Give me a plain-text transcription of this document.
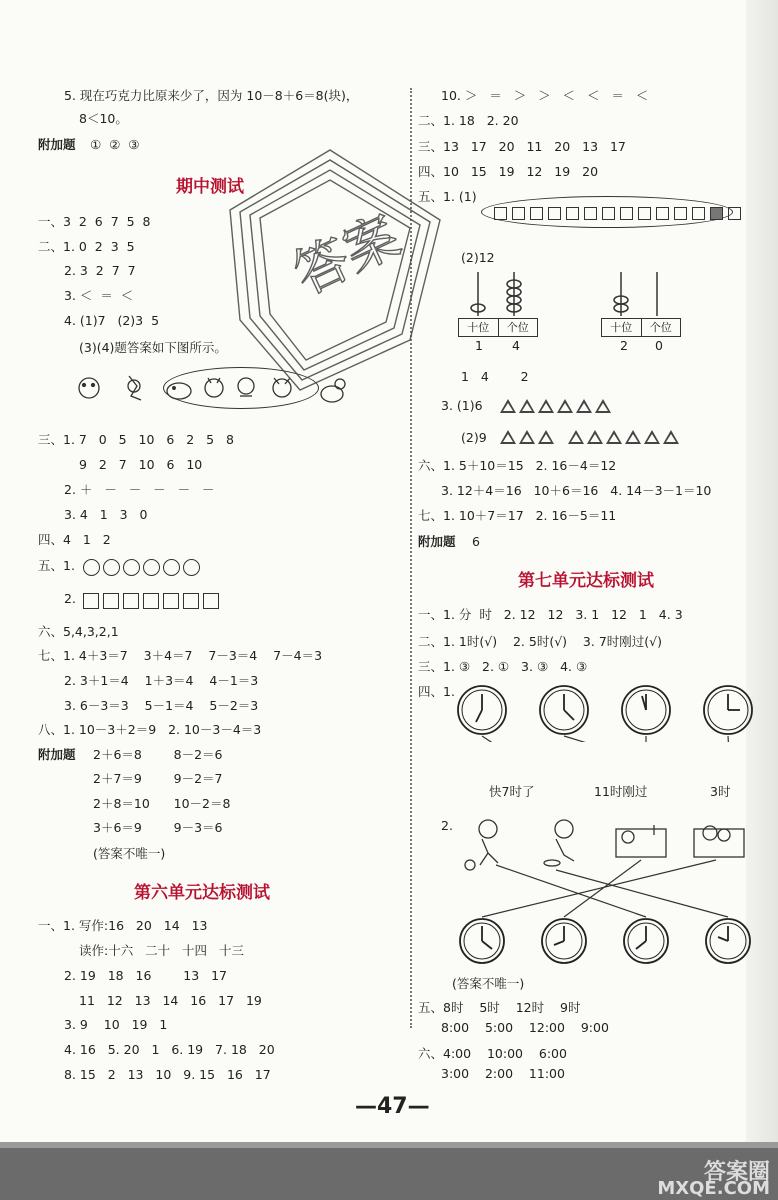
5. 现在巧克力比原来少了，因为 10－8＋6＝8(块)，
8＜10。
附加题 ①  ②  ③
期中测试
一、3  2  6  7  5  8
二、1. 0  2  3  5
2. 3  2  7  7
3. ＜  ＝  ＜
4. (1)7   (2)3  5
(3)(4)题答案如下图所示。
三、1. 7   0   5   10   6   2   5   8
9   2   7   10   6   10
2. ＋   －   －   －   －   －
3. 4   1   3   0
四、4   1   2
五、1.
2.
六、5,4,3,2,1
七、1. 4＋3＝7    3＋4＝7    7－3＝4    7－4＝3
2. 3＋1＝4    1＋3＝4    4－1＝3
3. 6－3＝3    5－1＝4    5－2＝3
八、1. 10－3＋2＝9   2. 10－3－4＝3
附加题 2＋6＝8        8－2＝6
2＋7＝9        9－2＝7
2＋8＝10      10－2＝8
3＋6＝9        9－3＝6
(答案不唯一)
第六单元达标测试
一、1. 写作:16   20   14   13
读作:十六   二十   十四   十三
2. 19   18   16        13   17
11   12   13   14   16   17   19
3. 9    10   19   1
4. 16   5. 20   1   6. 19   7. 18   20
8. 15   2   13   10   9. 15   16   17
答案
10. ＞   ＝   ＞   ＞   ＜   ＜   ＝   ＜
二、1. 18   2. 20
三、13   17   20   11   20   13   17
四、10   15   19   12   19   20
五、1. (1)
(2)12
十位	个位
1 4
十位	个位
2 0
1   4        2
3. (1)6
(2)9
六、1. 5＋10＝15   2. 16－4＝12
3. 12＋4＝16   10＋6＝16   4. 14－3－1＝10
七、1. 10＋7＝17   2. 16－5＝11
附加题 6
第七单元达标测试
一、1. 分  时   2. 12   12   3. 1   12   1   4. 3
二、1. 1时(√)    2. 5时(√)    3. 7时刚过(√)
三、1. ③   2. ①   3. ③   4. ③
四、1.
快7时了	11时刚过	3时
2.
(答案不唯一)
五、8时    5时    12时    9时
8:00    5:00    12:00    9:00
六、4:00    10:00    6:00
3:00    2:00    11:00
—47—
答案圈
MXQE.COM
